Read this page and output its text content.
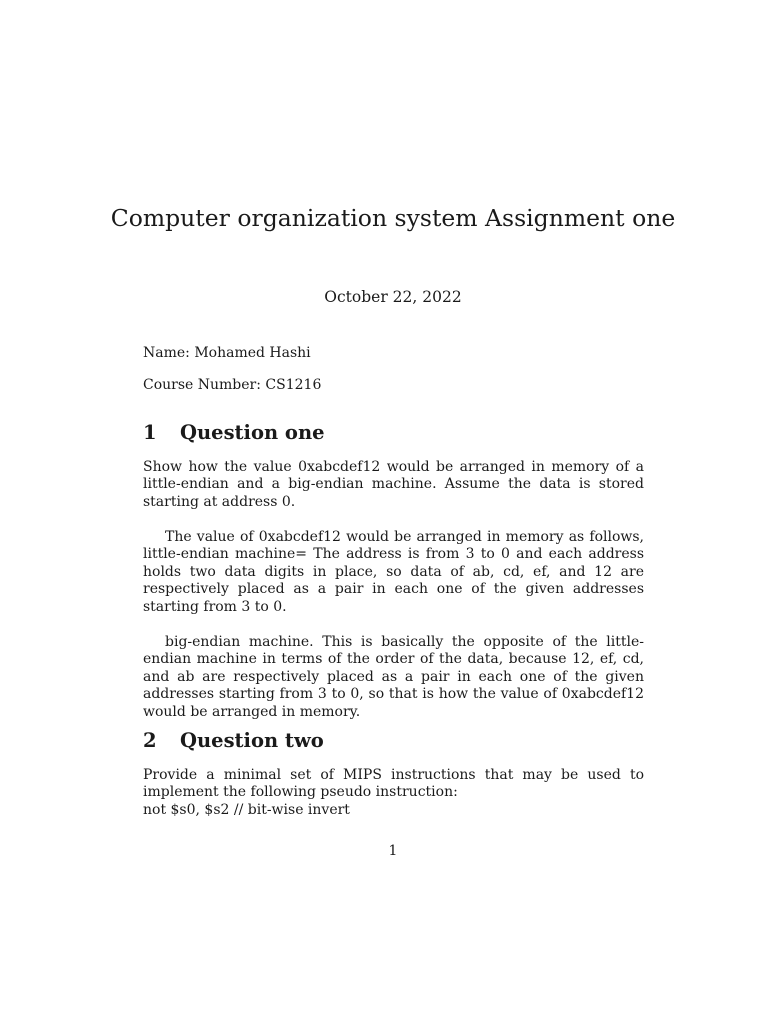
Computer organization system Assignment one
October 22, 2022
Name: Mohamed Hashi
Course Number: CS1216
1 Question one

Show how the value 0xabcdef12 would be arranged in memory of a little-endian and a big-endian machine. Assume the data is stored starting at address 0.

The value of 0xabcdef12 would be arranged in memory as follows, little-endian machine= The address is from 3 to 0 and each address holds two data digits in place, so data of ab, cd, ef, and 12 are respectively placed as a pair in each one of the given addresses starting from 3 to 0.

big-endian machine. This is basically the opposite of the little-endian machine in terms of the order of the data, because 12, ef, cd, and ab are respectively placed as a pair in each one of the given addresses starting from 3 to 0, so that is how the value of 0xabcdef12 would be arranged in memory.

2 Question two

Provide a minimal set of MIPS instructions that may be used to implement the following pseudo instruction:

not $s0, $s2 // bit-wise invert

1
